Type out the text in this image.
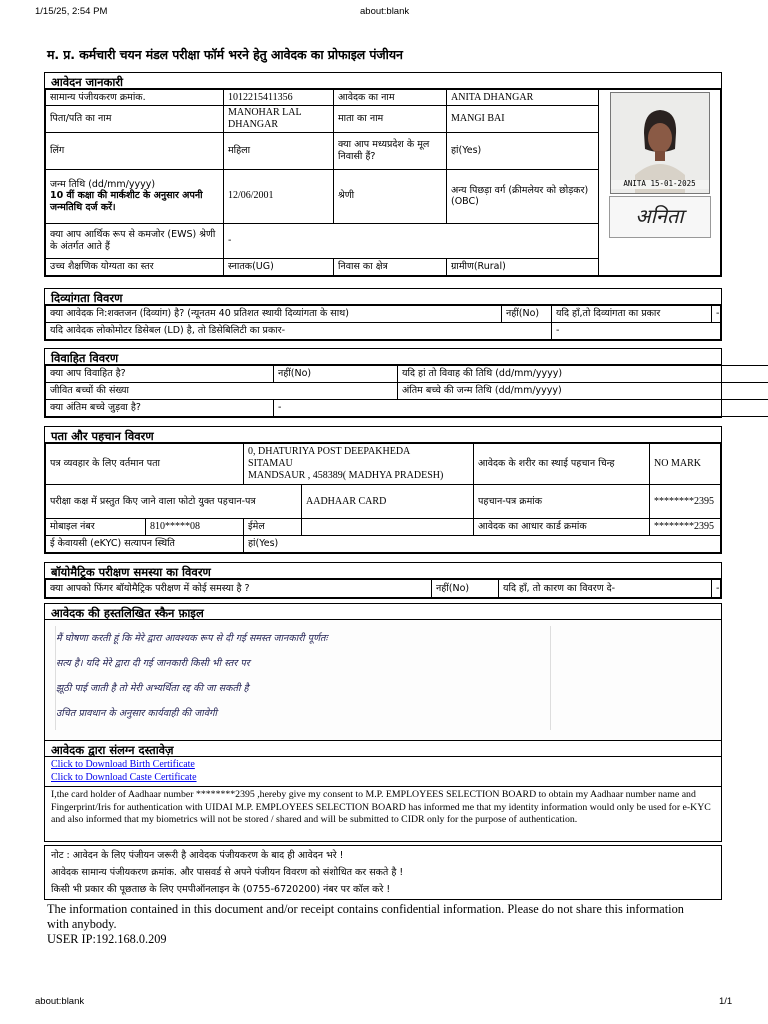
1/15/25, 2:54 PM	about:blank
म. प्र. कर्मचारी चयन मंडल परीक्षा फॉर्म भरने हेतु आवेदक का प्रोफाइल पंजीयन
आवेदन जानकारी
सामान्य पंजीयकरण क्रमांक.	1012215411356	आवेदक का नाम	ANITA DHANGAR	ANITA 15-01-2025
अनिता

पिता/पति का नाम	MANOHAR LAL DHANGAR	माता का नाम	MANGI BAI	
लिंग	महिला	क्या आप मध्यप्रदेश के मूल निवासी हैं?	हां(Yes)	

जन्म तिथि (dd/mm/yyyy)
10 वीं कक्षा की मार्कशीट के अनुसार अपनी जन्मतिथि दर्ज करें।	12/06/2001	श्रेणी	अन्य पिछड़ा वर्ग (क्रीमलेयर को छोड़कर) (OBC)	
क्या आप आर्थिक रूप से कमजोर (EWS) श्रेणी के अंतर्गत आते हैं	-			
उच्च शैक्षणिक योग्यता का स्तर	स्नातक(UG)	निवास का क्षेत्र	ग्रामीण(Rural)	
दिव्यांगता विवरण
क्या आवेदक नि:शक्तजन (दिव्यांग) है? (न्यूनतम 40 प्रतिशत स्थायी दिव्यांगता के साथ)	नहीं(No)	यदि हाँ,तो दिव्यांगता का प्रकार	-
यदि आवेदक लोकोमोटर डिसेबल (LD) है, तो डिसेबिलिटी का प्रकार-		-	
विवाहित विवरण
क्या आप विवाहित है?	नहीं(No)	यदि हां तो विवाह की तिथि (dd/mm/yyyy)	
जीवित बच्चों की संख्या		अंतिम बच्चे की जन्म तिथि (dd/mm/yyyy)	
क्या अंतिम बच्चे जुड़वा है?	-		
पता और पहचान विवरण
पत्र व्यवहार के लिए वर्तमान पता		0, DHATURIYA POST DEEPAKHEDA
SITAMAU
MANDSAUR , 458389( MADHYA PRADESH)		आवेदक के शरीर का स्थाई पहचान चिन्ह	NO MARK
परीक्षा कक्ष में प्रस्तुत किए जाने वाला फोटो युक्त पहचान-पत्र			AADHAAR CARD	पहचान-पत्र क्रमांक	********2395
मोबाइल नंबर	810*****08	ईमेल		आवेदक का आधार कार्ड क्रमांक	********2395
ई केवायसी (eKYC) सत्यापन स्थिति		हां(Yes)			
बॉयोमैट्रिक परीक्षण समस्या का विवरण
क्या आपको फिंगर बॉयोमैट्रिक परीक्षण में कोई समस्या है ?	नहीं(No)	यदि हाँ, तो कारण का विवरण दे-	-
आवेदक की हस्तलिखित स्कैन फ़ाइल
मैं घोषणा करती हूं कि मेरे द्वारा आवश्यक रूप से दी गई समस्त जानकारी पूर्णतः
सत्य है। यदि मेरे द्वारा दी गई जानकारी किसी भी स्तर पर
झूठी पाई जाती है तो मेरी अभ्यर्थिता रद्द की जा सकती है
उचित प्रावधान के अनुसार कार्यवाही की जावेगी
आवेदक द्वारा संलग्न दस्तावेज़
Click to Download Birth Certificate
Click to Download Caste Certificate
I,the card holder of Aadhaar number ********2395 ,hereby give my consent to M.P. EMPLOYEES SELECTION BOARD to obtain my Aadhaar number name and Fingerprint/Iris for authentication with UIDAI M.P. EMPLOYEES SELECTION BOARD has informed me that my identity information would only be used for e-KYC and also informed that my biometrics will not be stored / shared and will be submitted to CIDR only for the purpose of authentication.
नोट : आवेदन के लिए पंजीयन जरूरी है आवेदक पंजीयकरण के बाद ही आवेदन भरे !
आवेदक सामान्य पंजीयकरण क्रमांक. और पासवर्ड से अपने पंजीयन विवरण को संशोधित कर सकते है !
किसी भी प्रकार की पूछताछ के लिए एमपीऑनलाइन के (0755-6720200) नंबर पर कॉल करे !
The information contained in this document and/or receipt contains confidential information. Please do not share this information with anybody.
USER IP:192.168.0.209
about:blank	1/1
